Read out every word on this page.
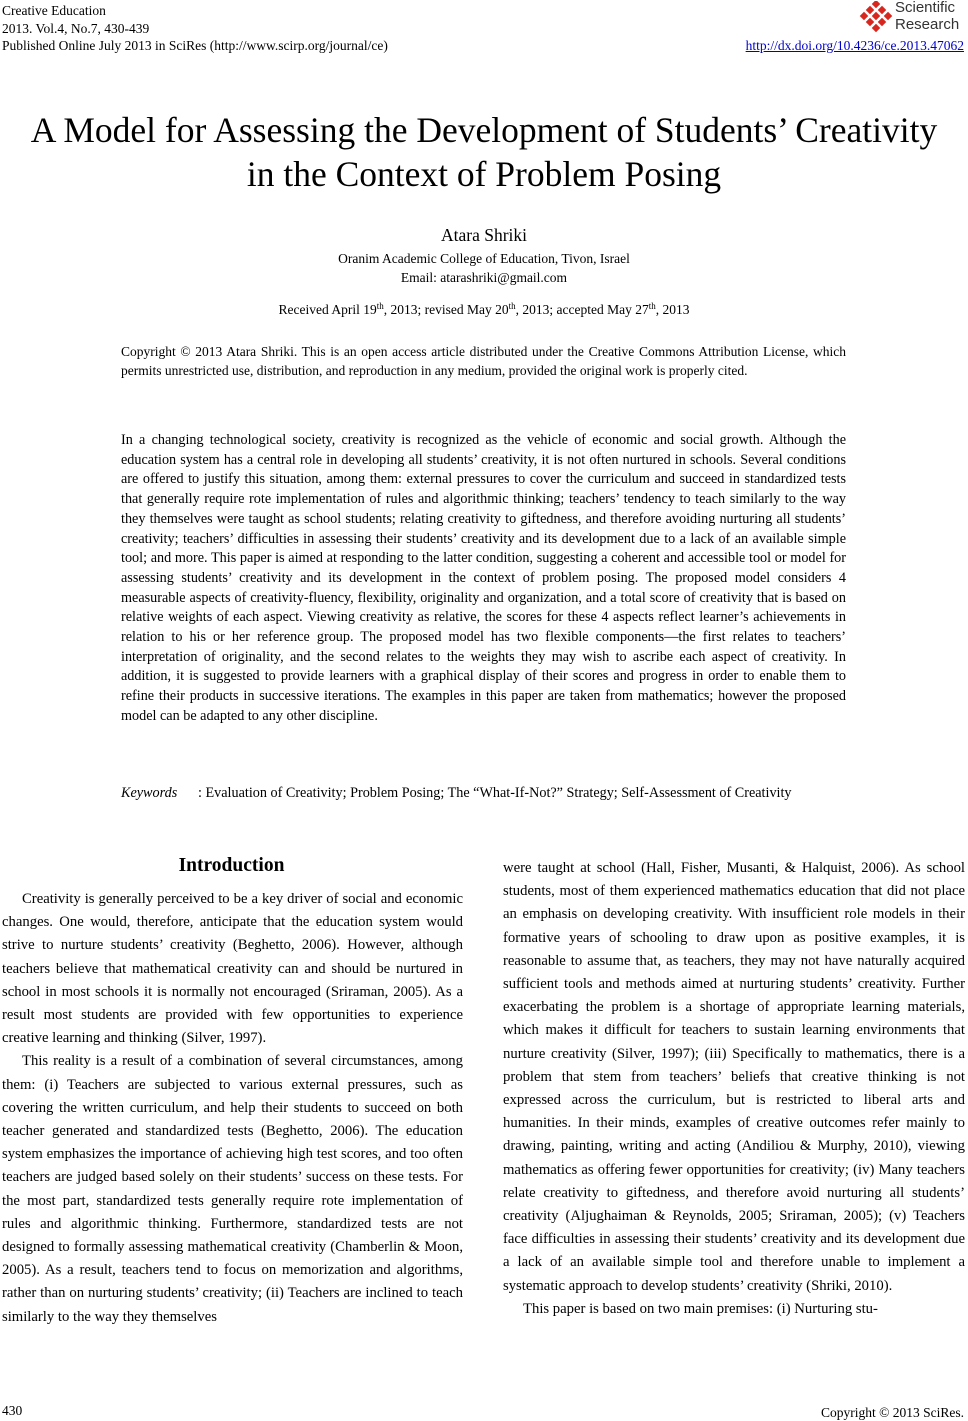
Creative Education
2013. Vol.4, No.7, 430-439
Published Online July 2013 in SciRes (http://www.scirp.org/journal/ce)
Scientific
Research
http://dx.doi.org/10.4236/ce.2013.47062
A Model for Assessing the Development of Students’ Creativity
in the Context of Problem Posing
Atara Shriki
Oranim Academic College of Education, Tivon, Israel
Email: atarashriki@gmail.com
Received April 19th, 2013; revised May 20th, 2013; accepted May 27th, 2013
Copyright © 2013 Atara Shriki. This is an open access article distributed under the Creative Commons Attribution License, which permits unrestricted use, distribution, and reproduction in any medium, provided the original work is properly cited.
In a changing technological society, creativity is recognized as the vehicle of economic and social growth. Although the education system has a central role in developing all students’ creativity, it is not often nurtured in schools. Several conditions are offered to justify this situation, among them: external pressures to cover the curriculum and succeed in standardized tests that generally require rote implementation of rules and algorithmic thinking; teachers’ tendency to teach similarly to the way they themselves were taught as school students; relating creativity to giftedness, and therefore avoiding nurturing all students’ creativity; teachers’ difficulties in assessing their students’ creativity and its development due to a lack of an available simple tool; and more. This paper is aimed at responding to the latter condition, suggesting a coherent and accessible tool or model for assessing students’ creativity and its development in the context of problem posing. The proposed model considers 4 measurable aspects of creativity-fluency, flexibility, originality and organization, and a total score of creativity that is based on relative weights of each aspect. Viewing creativity as relative, the scores for these 4 aspects reflect learner’s achievements in relation to his or her reference group. The proposed model has two flexible components—the first relates to teachers’ interpretation of originality, and the second relates to the weights they may wish to ascribe each aspect of creativity. In addition, it is suggested to provide learners with a graphical display of their scores and progress in order to enable them to refine their products in successive iterations. The examples in this paper are taken from mathematics; however the proposed model can be adapted to any other discipline.
Keywords : Evaluation of Creativity; Problem Posing; The “What-If-Not?” Strategy; Self-Assessment of Creativity
Introduction

Creativity is generally perceived to be a key driver of social and economic changes. One would, therefore, anticipate that the education system would strive to nurture students’ creativity (Beghetto, 2006). However, although teachers believe that mathematical creativity can and should be nurtured in school in most schools it is normally not encouraged (Sriraman, 2005). As a result most students are provided with few opportunities to experience creative learning and thinking (Silver, 1997).

This reality is a result of a combination of several circumstances, among them: (i) Teachers are subjected to various external pressures, such as covering the written curriculum, and help their students to succeed on both teacher generated and standardized tests (Beghetto, 2006). The education system emphasizes the importance of achieving high test scores, and too often teachers are judged based solely on their students’ success on these tests. For the most part, standardized tests generally require rote implementation of rules and algorithmic thinking. Furthermore, standardized tests are not designed to formally assessing mathematical creativity (Chamberlin & Moon, 2005). As a result, teachers tend to focus on memorization and algorithms, rather than on nurturing students’ creativity; (ii) Teachers are inclined to teach similarly to the way they themselves

were taught at school (Hall, Fisher, Musanti, & Halquist, 2006). As school students, most of them experienced mathematics education that did not place an emphasis on developing creativity. With insufficient role models in their formative years of schooling to draw upon as positive examples, it is reasonable to assume that, as teachers, they may not have naturally acquired sufficient tools and methods aimed at nurturing students’ creativity. Further exacerbating the problem is a shortage of appropriate learning materials, which makes it difficult for teachers to sustain learning environments that nurture creativity (Silver, 1997); (iii) Specifically to mathematics, there is a problem that stem from teachers’ beliefs that creative thinking is not expressed across the curriculum, but is restricted to liberal arts and humanities. In their minds, examples of creative outcomes refer mainly to drawing, painting, writing and acting (Andiliou & Murphy, 2010), viewing mathematics as offering fewer opportunities for creativity; (iv) Many teachers relate creativity to giftedness, and therefore avoid nurturing all students’ creativity (Aljughaiman & Reynolds, 2005; Sriraman, 2005); (v) Teachers face difficulties in assessing their students’ creativity and its development due a lack of an available simple tool and therefore unable to implement a systematic approach to develop students’ creativity (Shriki, 2010).

This paper is based on two main premises: (i) Nurturing stu-

430	Copyright © 2013 SciRes.
